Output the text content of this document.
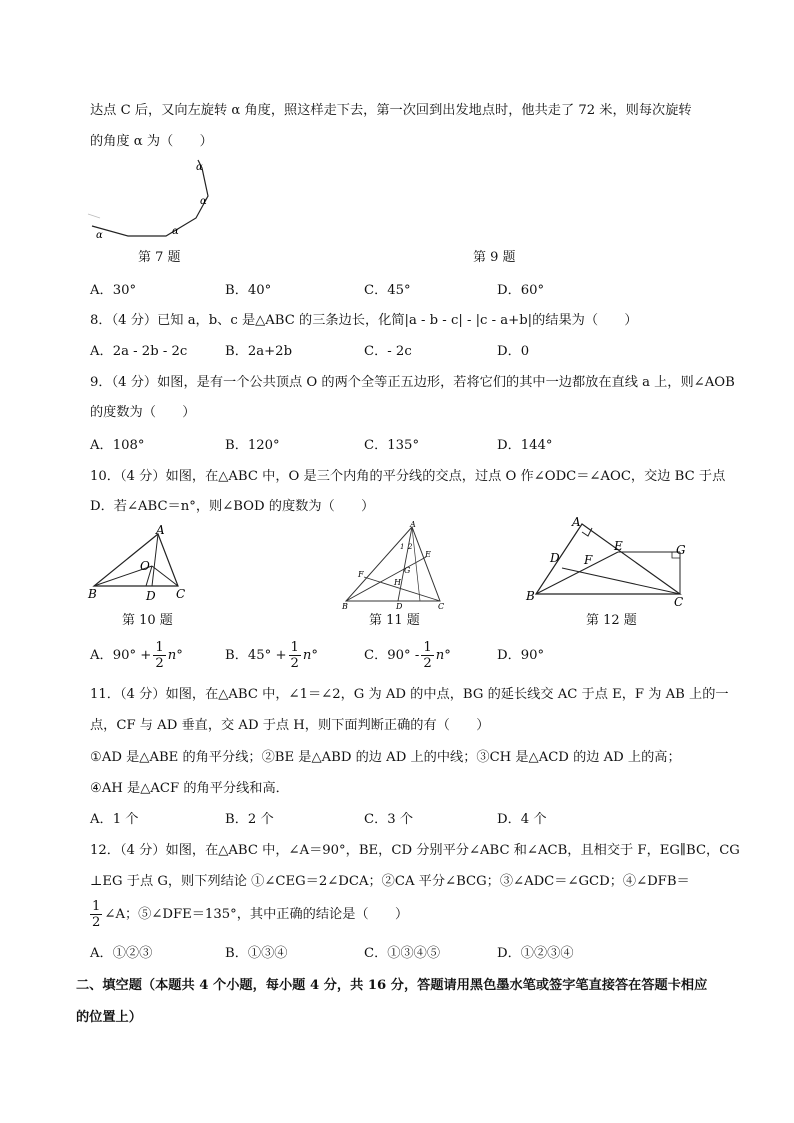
达点 C 后，又向左旋转 α 角度，照这样走下去，第一次回到出发地点时，他共走了 72 米，则每次旋转
的角度 α 为（　　）
α	α
α
α
第 7 题	第 9 题
A．30°	B．40°	C．45°	D．60°
8．（4 分）已知 a，b、c 是△ABC 的三条边长，化简|a - b - c| - |c - a+b|的结果为（　　）
A．2a - 2b - 2c	B．2a+2b	C．- 2c	D．0
9．（4 分）如图，是有一个公共顶点 O 的两个全等正五边形，若将它们的其中一边都放在直线 a 上，则∠AOB
的度数为（　　）
A．108°	B．120°	C．135°	D．144°
10．（4 分）如图，在△ABC 中，O 是三个内角的平分线的交点，过点 O 作∠ODC＝∠AOC，交边 BC 于点
D．若∠ABC＝n°，则∠BOD 的度数为（　　）
A
O
B	D C
A
1 2
E
F	G
H
B	D	C
A
E	G
D F
B	C
第 10 题	第 11 题	第 12 题
A．$90^\circ + \frac{1}{2} n^\circ$	B．$45^\circ + \frac{1}{2} n^\circ$	C．$90^\circ - \frac{1}{2} n^\circ$	D．90°
11．（4 分）如图，在△ABC 中，∠1＝∠2，G 为 AD 的中点，BG 的延长线交 AC 于点 E，F 为 AB 上的一
点，CF 与 AD 垂直，交 AD 于点 H，则下面判断正确的有（　　）
①AD 是△ABE 的角平分线；②BE 是△ABD 的边 AD 上的中线；③CH 是△ACD 的边 AD 上的高；
④AH 是△ACF 的角平分线和高．
A．1 个	B．2 个	C．3 个	D．4 个
12．（4 分）如图，在△ABC 中，∠A＝90°，BE，CD 分别平分∠ABC 和∠ACB，且相交于 F，EG∥BC，CG
⊥EG 于点 G，则下列结论 ①∠CEG＝2∠DCA；②CA 平分∠BCG；③∠ADC＝∠GCD；④∠DFB＝
$\frac{1}{2}$ ∠A；⑤∠DFE＝135°，其中正确的结论是（　　）
A．①②③	B．①③④	C．①③④⑤	D．①②③④
二、填空题（本题共 4 个小题，每小题 4 分，共 16 分，答题请用黑色墨水笔或签字笔直接答在答题卡相应
的位置上）
